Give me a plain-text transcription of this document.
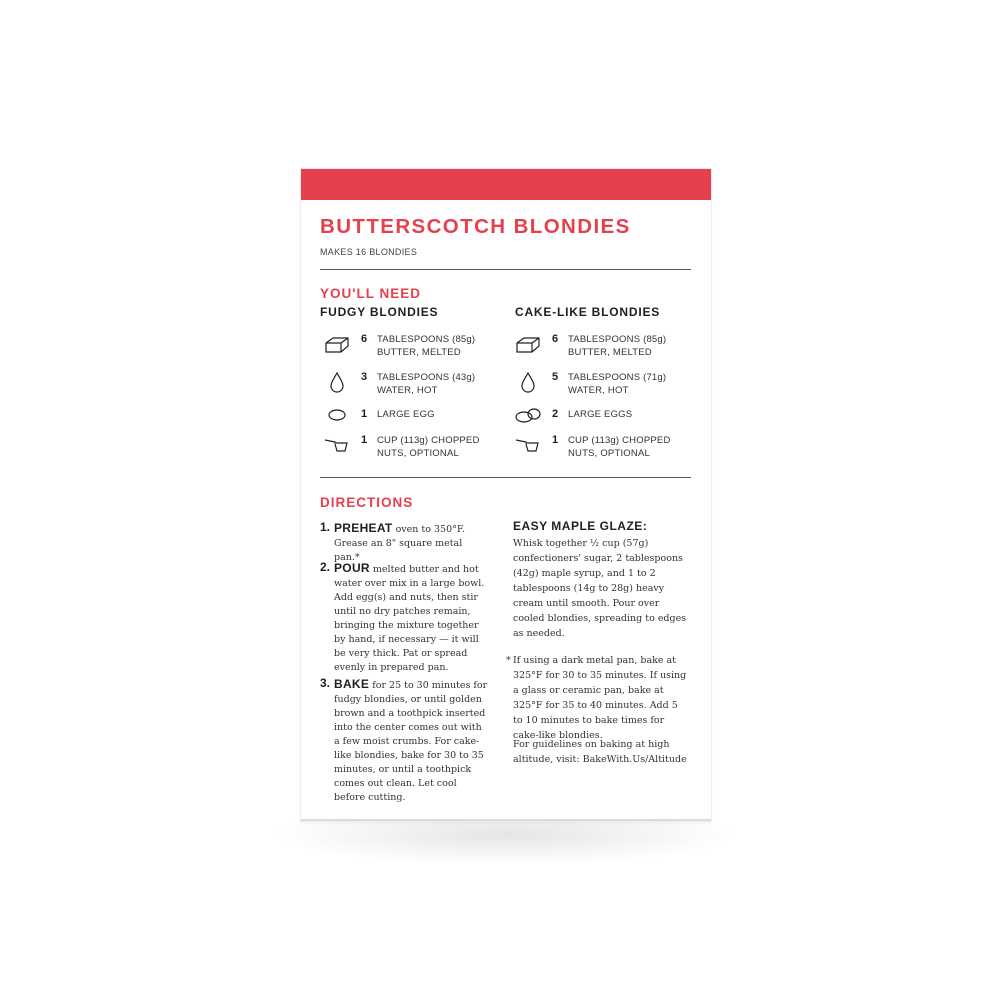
BUTTERSCOTCH BLONDIES
MAKES 16 BLONDIES
YOU'LL NEED
FUDGY BLONDIES
6 TABLESPOONS (85g) BUTTER, MELTED
3 TABLESPOONS (43g) WATER, HOT
1 LARGE EGG
1 CUP (113g) CHOPPED NUTS, OPTIONAL
CAKE-LIKE BLONDIES
6 TABLESPOONS (85g) BUTTER, MELTED
5 TABLESPOONS (71g) WATER, HOT
2 LARGE EGGS
1 CUP (113g) CHOPPED NUTS, OPTIONAL
DIRECTIONS
1. PREHEAT oven to 350°F. Grease an 8" square metal pan.*
2. POUR melted butter and hot water over mix in a large bowl. Add egg(s) and nuts, then stir until no dry patches remain, bringing the mixture together by hand, if necessary — it will be very thick. Pat or spread evenly in prepared pan.
3. BAKE for 25 to 30 minutes for fudgy blondies, or until golden brown and a toothpick inserted into the center comes out with a few moist crumbs. For cake-like blondies, bake for 30 to 35 minutes, or until a toothpick comes out clean. Let cool before cutting.
EASY MAPLE GLAZE:
Whisk together ½ cup (57g) confectioners' sugar, 2 tablespoons (42g) maple syrup, and 1 to 2 tablespoons (14g to 28g) heavy cream until smooth. Pour over cooled blondies, spreading to edges as needed.
* If using a dark metal pan, bake at 325°F for 30 to 35 minutes. If using a glass or ceramic pan, bake at 325°F for 35 to 40 minutes. Add 5 to 10 minutes to bake times for cake-like blondies.
For guidelines on baking at high altitude, visit: BakeWith.Us/Altitude
